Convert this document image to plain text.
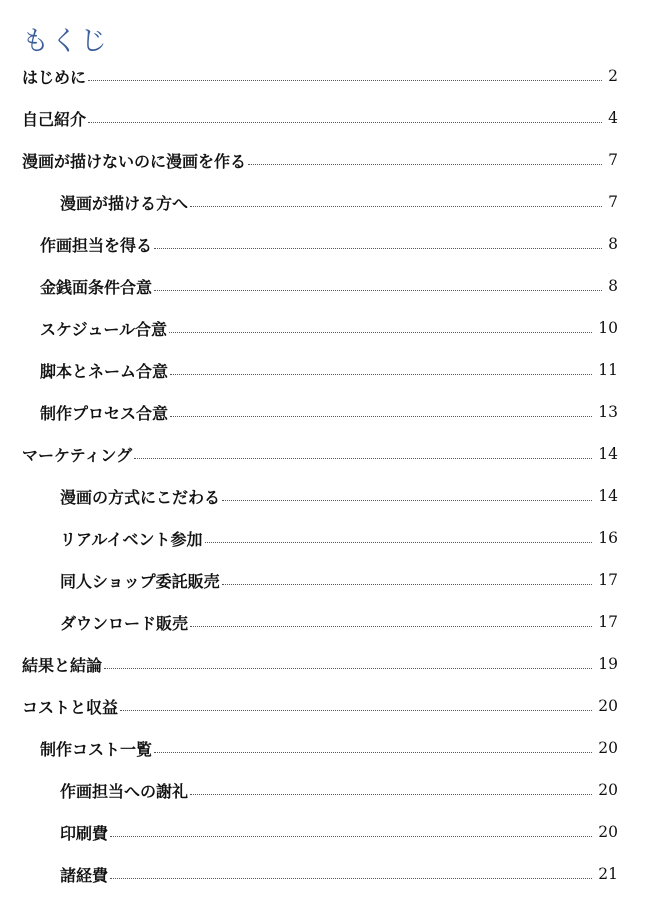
もくじ
はじめに	2
自己紹介	4
漫画が描けないのに漫画を作る	7
漫画が描ける方へ	7
作画担当を得る	8
金銭面条件合意	8
スケジュール合意	10
脚本とネーム合意	11
制作プロセス合意	13
マーケティング	14
漫画の方式にこだわる	14
リアルイベント参加	16
同人ショップ委託販売	17
ダウンロード販売	17
結果と結論	19
コストと収益	20
制作コスト一覧	20
作画担当への謝礼	20
印刷費	20
諸経費	21
